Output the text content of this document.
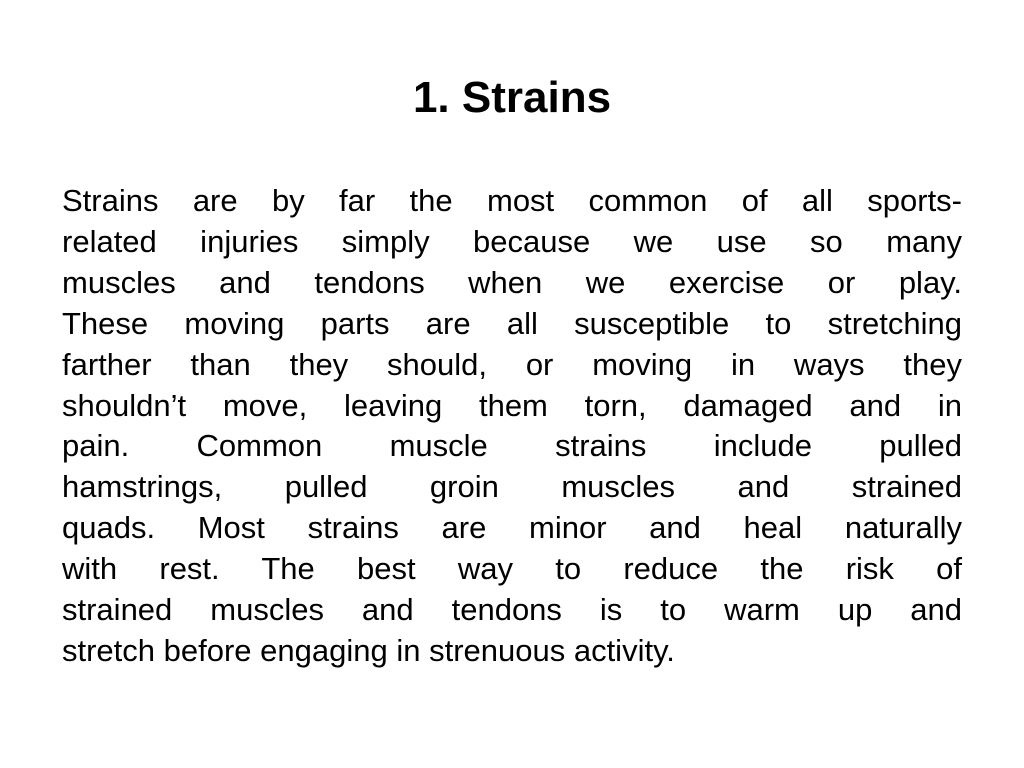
1. Strains
Strains are by far the most common of all sports-
related injuries simply because we use so many
muscles and tendons when we exercise or play.
These moving parts are all susceptible to stretching
farther than they should, or moving in ways they
shouldn’t move, leaving them torn, damaged and in
pain. Common muscle strains include pulled
hamstrings, pulled groin muscles and strained
quads. Most strains are minor and heal naturally
with rest. The best way to reduce the risk of
strained muscles and tendons is to warm up and
stretch before engaging in strenuous activity.
